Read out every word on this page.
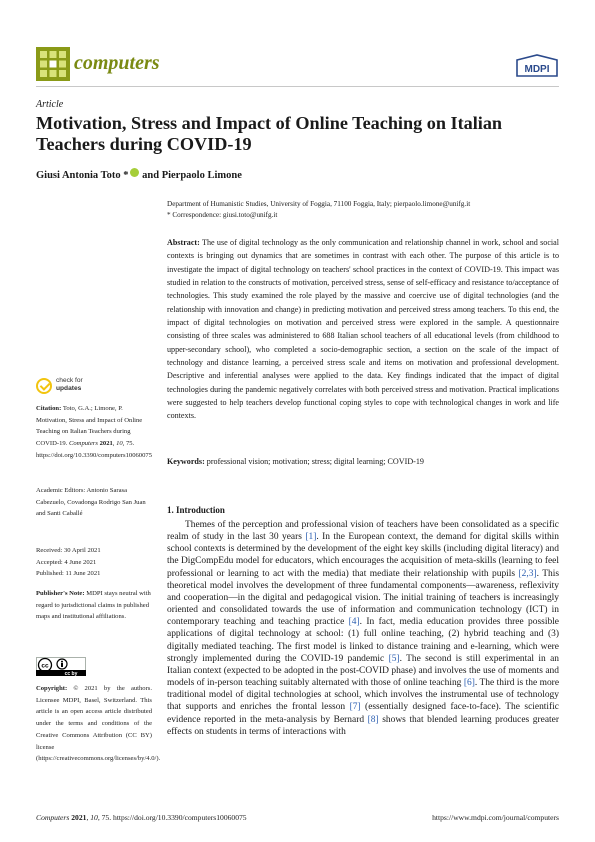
computers	MDPI
Article
Motivation, Stress and Impact of Online Teaching on Italian Teachers during COVID-19
Giusi Antonia Toto * and Pierpaolo Limone
Department of Humanistic Studies, University of Foggia, 71100 Foggia, Italy; pierpaolo.limone@unifg.it
* Correspondence: giusi.toto@unifg.it
Abstract: The use of digital technology as the only communication and relationship channel in work, school and social contexts is bringing out dynamics that are sometimes in contrast with each other. The purpose of this article is to investigate the impact of digital technology on teachers' school practices in the context of COVID-19. This impact was studied in relation to the constructs of motivation, perceived stress, sense of self-efficacy and resistance to/acceptance of technologies. This study examined the role played by the massive and coercive use of digital technologies (and the relationship with innovation and change) in predicting motivation and perceived stress among teachers. To this end, the impact of digital technologies on motivation and perceived stress were explored in the sample. A questionnaire consisting of three scales was administered to 688 Italian school teachers of all educational levels (from childhood to upper-secondary school), who completed a socio-demographic section, a section on the scale of the impact of technology and distance learning, a perceived stress scale and items on motivation and professional development. Descriptive and inferential analyses were applied to the data. Key findings indicated that the impact of digital technologies during the pandemic negatively correlates with both perceived stress and motivation. Practical implications were suggested to help teachers develop functional coping styles to cope with technological changes in work and life contexts.
Keywords: professional vision; motivation; stress; digital learning; COVID-19
check for
updates
Citation: Toto, G.A.; Limone, P. Motivation, Stress and Impact of Online Teaching on Italian Teachers during COVID-19. Computers 2021, 10, 75. https://doi.org/10.3390/computers10060075
Academic Editors: Antonio Sarasa Cabezuelo, Covadonga Rodrigo San Juan and Santi Caballé
Received: 30 April 2021
Accepted: 4 June 2021
Published: 11 June 2021
Publisher's Note: MDPI stays neutral with regard to jurisdictional claims in published maps and institutional affiliations.
cc
cc by
Copyright: © 2021 by the authors. Licensee MDPI, Basel, Switzerland. This article is an open access article distributed under the terms and conditions of the Creative Commons Attribution (CC BY) license (https://creativecommons.org/licenses/by/4.0/).
1. Introduction
Themes of the perception and professional vision of teachers have been consolidated as a specific realm of study in the last 30 years [1]. In the European context, the demand for digital skills within school contexts is determined by the development of the eight key skills (including digital literacy) and the DigCompEdu model for educators, which encourages the acquisition of meta-skills (learning to feel professional or learning to act with the media) that mediate their relationship with pupils [2,3]. This theoretical model involves the development of three fundamental components—awareness, reflexivity and cooperation—in the digital and pedagogical vision. The initial training of teachers is increasingly oriented and consolidated towards the use of information and communication technology (ICT) in contemporary teaching and teaching practice [4]. In fact, media education provides three possible applications of digital technology at school: (1) full online teaching, (2) hybrid teaching and (3) digitally mediated teaching. The first model is linked to distance training and e-learning, which were strongly implemented during the COVID-19 pandemic [5]. The second is still experimental in an Italian context (expected to be adopted in the post-COVID phase) and involves the use of moments and models of in-person teaching suitably alternated with those of online teaching [6]. The third is the more traditional model of digital technologies at school, which involves the instrumental use of technology that supports and enriches the frontal lesson [7] (essentially designed face-to-face). The scientific evidence reported in the meta-analysis by Bernard [8] shows that blended learning produces greater effects on students in terms of interactions with
Computers 2021, 10, 75. https://doi.org/10.3390/computers10060075	https://www.mdpi.com/journal/computers
